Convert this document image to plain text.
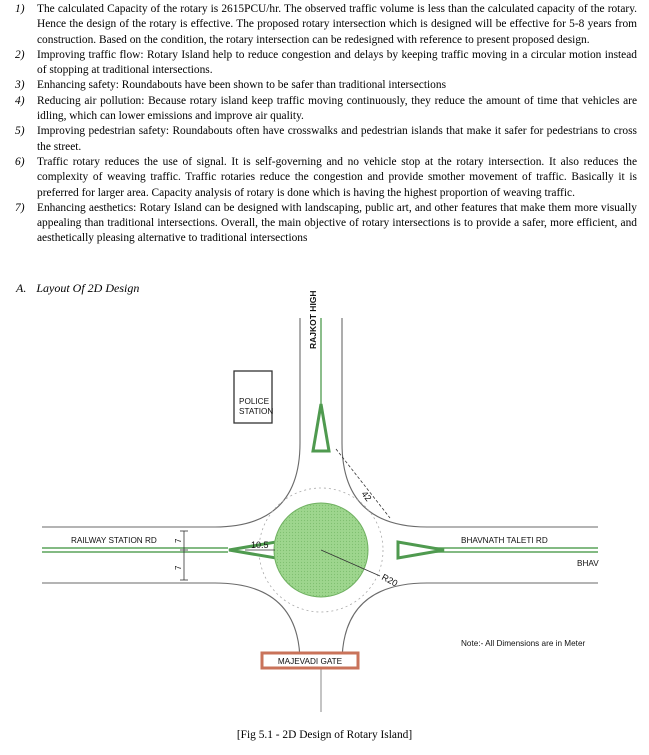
1) The calculated Capacity of the rotary is 2615PCU/hr. The observed traffic volume is less than the calculated capacity of the rotary. Hence the design of the rotary is effective. The proposed rotary intersection which is designed will be effective for 5-8 years from construction. Based on the condition, the rotary intersection can be redesigned with reference to present proposed design.
2) Improving traffic flow: Rotary Island help to reduce congestion and delays by keeping traffic moving in a circular motion instead of stopping at traditional intersections.
3) Enhancing safety: Roundabouts have been shown to be safer than traditional intersections
4) Reducing air pollution: Because rotary island keep traffic moving continuously, they reduce the amount of time that vehicles are idling, which can lower emissions and improve air quality.
5) Improving pedestrian safety: Roundabouts often have crosswalks and pedestrian islands that make it safer for pedestrians to cross the street.
6) Traffic rotary reduces the use of signal. It is self-governing and no vehicle stop at the rotary intersection. It also reduces the complexity of weaving traffic. Traffic rotaries reduce the congestion and provide smother movement of traffic. Basically it is preferred for larger area. Capacity analysis of rotary is done which is having the highest proportion of weaving traffic.
7) Enhancing aesthetics: Rotary Island can be designed with landscaping, public art, and other features that make them more visually appealing than traditional intersections. Overall, the main objective of rotary intersections is to provide a safer, more efficient, and aesthetically pleasing alternative to traditional intersections
A. Layout Of 2D Design
POLICE
STATION
RAJKOT HIGH
RAILWAY STATION RD	BHAVNATH TALETI RD
BHAV
42
10.5
R20
7
7
MAJEVADI GATE
Note:- All Dimensions are in Meter
[Fig 5.1 - 2D Design of Rotary Island]
